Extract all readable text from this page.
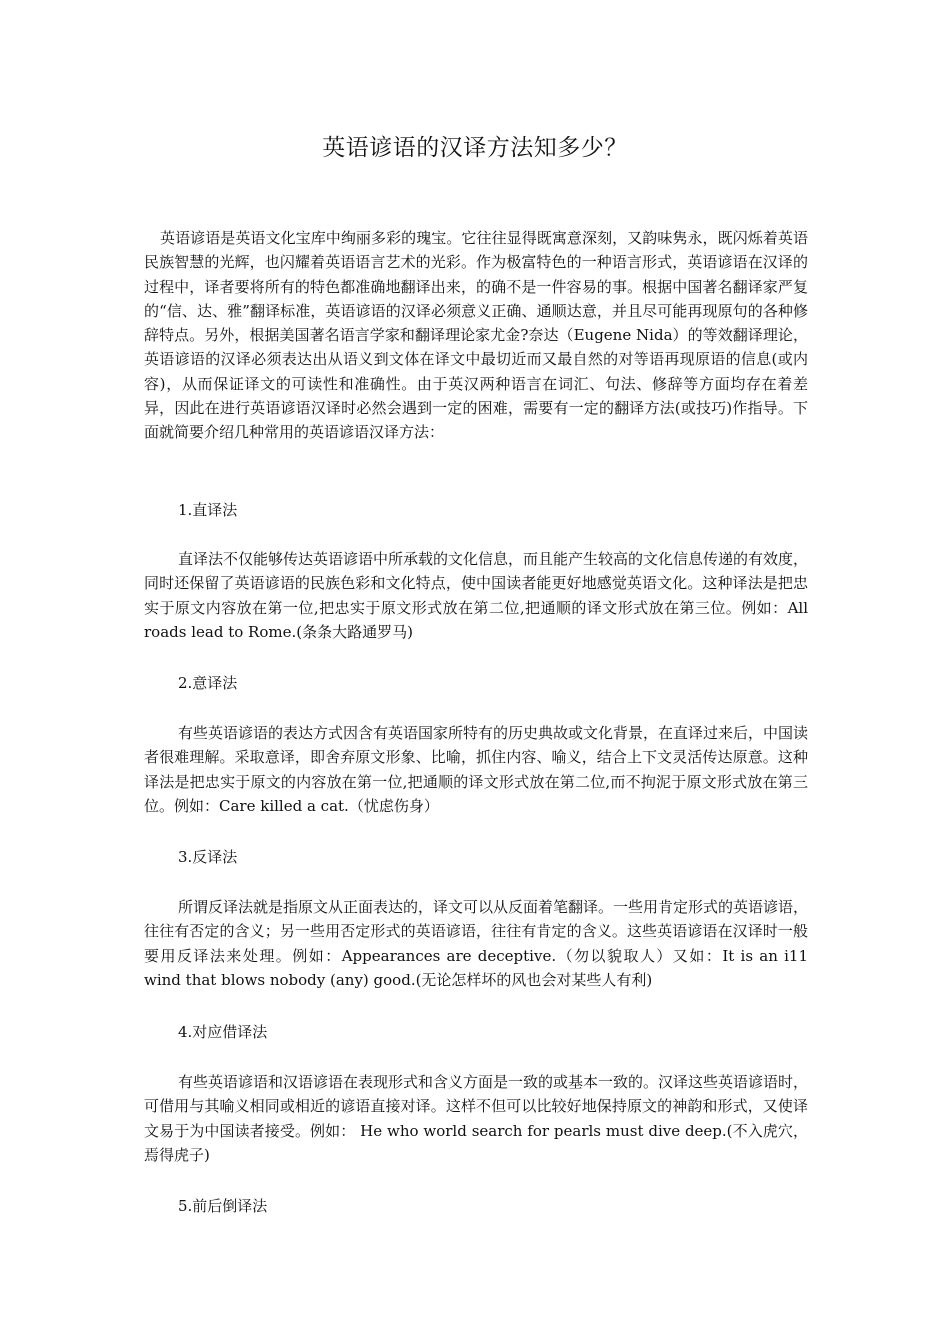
英语谚语的汉译方法知多少？

英语谚语是英语文化宝库中绚丽多彩的瑰宝。它往往显得既寓意深刻，又韵味隽永，既闪烁着英语民族智慧的光辉，也闪耀着英语语言艺术的光彩。作为极富特色的一种语言形式，英语谚语在汉译的过程中，译者要将所有的特色都准确地翻译出来，的确不是一件容易的事。根据中国著名翻译家严复的“信、达、雅”翻译标准，英语谚语的汉译必须意义正确、通顺达意，并且尽可能再现原句的各种修辞特点。另外，根据美国著名语言学家和翻译理论家尤金?奈达（Eugene Nida）的等效翻译理论，英语谚语的汉译必须表达出从语义到文体在译文中最切近而又最自然的对等语再现原语的信息(或内容)，从而保证译文的可读性和准确性。由于英汉两种语言在词汇、句法、修辞等方面均存在着差异，因此在进行英语谚语汉译时必然会遇到一定的困难，需要有一定的翻译方法(或技巧)作指导。下面就简要介绍几种常用的英语谚语汉译方法：

1.直译法

直译法不仅能够传达英语谚语中所承载的文化信息，而且能产生较高的文化信息传递的有效度，同时还保留了英语谚语的民族色彩和文化特点，使中国读者能更好地感觉英语文化。这种译法是把忠实于原文内容放在第一位,把忠实于原文形式放在第二位,把通顺的译文形式放在第三位。例如：All roads lead to Rome.(条条大路通罗马)

2.意译法

有些英语谚语的表达方式因含有英语国家所特有的历史典故或文化背景，在直译过来后，中国读者很难理解。采取意译，即舍弃原文形象、比喻，抓住内容、喻义，结合上下文灵活传达原意。这种译法是把忠实于原文的内容放在第一位,把通顺的译文形式放在第二位,而不拘泥于原文形式放在第三位。例如：Care killed a cat.（忧虑伤身）

3.反译法

所谓反译法就是指原文从正面表达的，译文可以从反面着笔翻译。一些用肯定形式的英语谚语，往往有否定的含义；另一些用否定形式的英语谚语，往往有肯定的含义。这些英语谚语在汉译时一般要用反译法来处理。例如：Appearances are deceptive.（勿以貌取人）又如：It is an i11 wind that blows nobody (any) good.(无论怎样坏的风也会对某些人有利)

4.对应借译法

有些英语谚语和汉语谚语在表现形式和含义方面是一致的或基本一致的。汉译这些英语谚语时，可借用与其喻义相同或相近的谚语直接对译。这样不但可以比较好地保持原文的神韵和形式，又使译文易于为中国读者接受。例如： He who world search for pearls must dive deep.(不入虎穴，焉得虎子)

5.前后倒译法
